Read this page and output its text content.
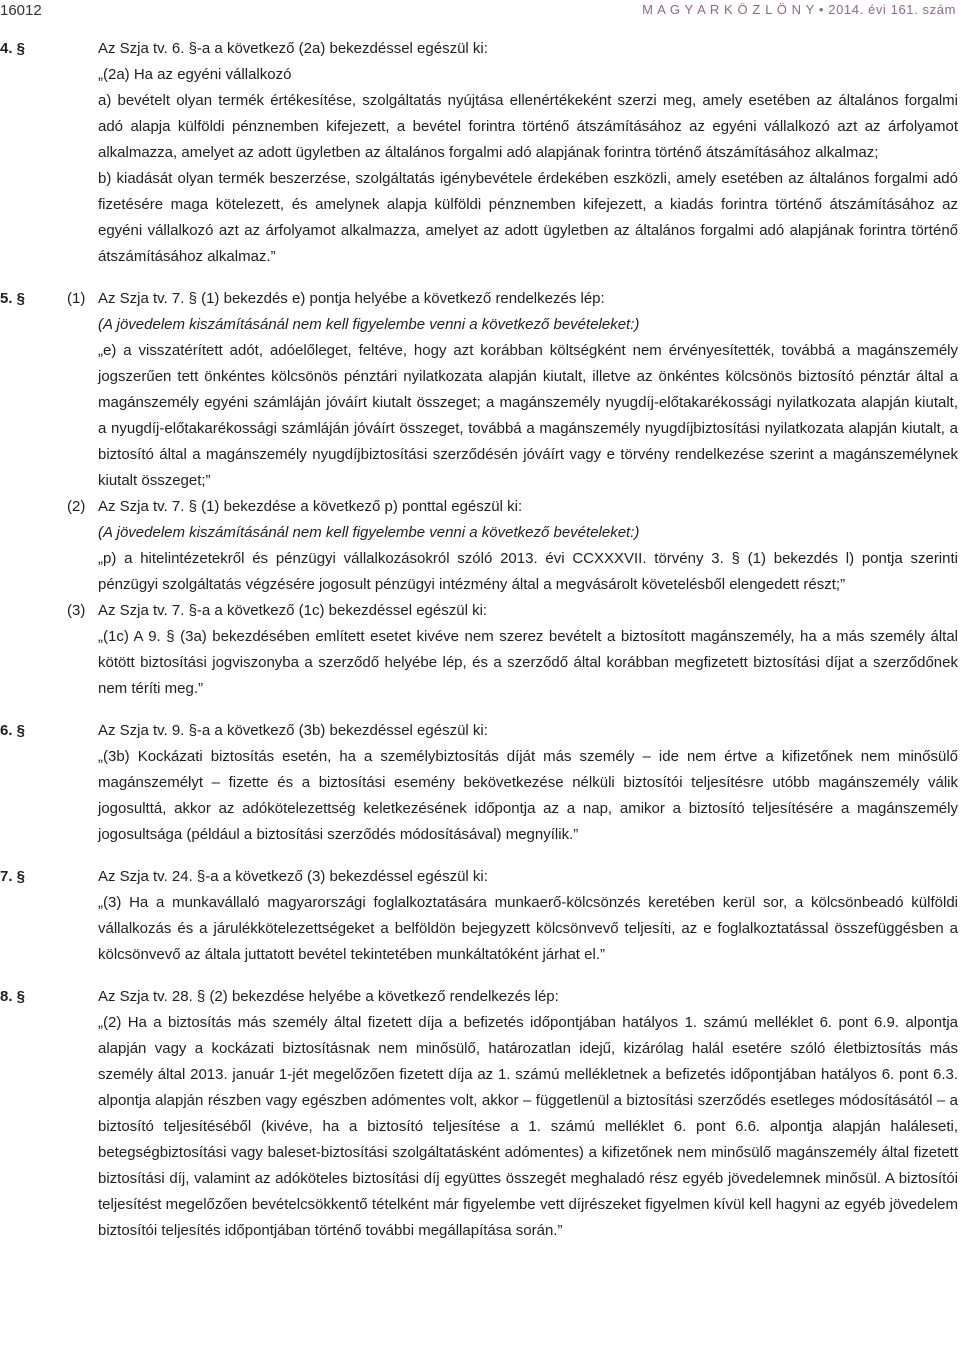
16012	M A G Y A R K Ö Z L Ö N Y • 2014. évi 161. szám
4. §	Az Szja tv. 6. §-a a következő (2a) bekezdéssel egészül ki:
„(2a) Ha az egyéni vállalkozó
a) bevételt olyan termék értékesítése, szolgáltatás nyújtása ellenértékeként szerzi meg, amely esetében az általános forgalmi adó alapja külföldi pénznemben kifejezett, a bevétel forintra történő átszámításához az egyéni vállalkozó azt az árfolyamot alkalmazza, amelyet az adott ügyletben az általános forgalmi adó alapjának forintra történő átszámításához alkalmaz;
b) kiadását olyan termék beszerzése, szolgáltatás igénybevétele érdekében eszközli, amely esetében az általános forgalmi adó fizetésére maga kötelezett, és amelynek alapja külföldi pénznemben kifejezett, a kiadás forintra történő átszámításához az egyéni vállalkozó azt az árfolyamot alkalmazza, amelyet az adott ügyletben az általános forgalmi adó alapjának forintra történő átszámításához alkalmaz.”
5. §	(1) Az Szja tv. 7. § (1) bekezdés e) pontja helyébe a következő rendelkezés lép:
(A jövedelem kiszámításánál nem kell figyelembe venni a következő bevételeket:)
„e) a visszatérített adót, adóelőleget, feltéve, hogy azt korábban költségként nem érvényesítették, továbbá a magánszemély jogszerűen tett önkéntes kölcsönös pénztári nyilatkozata alapján kiutalt, illetve az önkéntes kölcsönös biztosító pénztár által a magánszemély egyéni számláján jóváírt kiutalt összeget; a magánszemély nyugdíj-előtakarékossági nyilatkozata alapján kiutalt, a nyugdíj-előtakarékossági számláján jóváírt összeget, továbbá a magánszemély nyugdíjbiztosítási nyilatkozata alapján kiutalt, a biztosító által a magánszemély nyugdíjbiztosítási szerződésén jóváírt vagy e törvény rendelkezése szerint a magánszemélynek kiutalt összeget;”
(2) Az Szja tv. 7. § (1) bekezdése a következő p) ponttal egészül ki:
(A jövedelem kiszámításánál nem kell figyelembe venni a következő bevételeket:)
„p) a hitelintézetekről és pénzügyi vállalkozásokról szóló 2013. évi CCXXXVII. törvény 3. § (1) bekezdés l) pontja szerinti pénzügyi szolgáltatás végzésére jogosult pénzügyi intézmény által a megvásárolt követelésből elengedett részt;”
(3) Az Szja tv. 7. §-a a következő (1c) bekezdéssel egészül ki:
„(1c) A 9. § (3a) bekezdésében említett esetet kivéve nem szerez bevételt a biztosított magánszemély, ha a más személy által kötött biztosítási jogviszonyba a szerződő helyébe lép, és a szerződő által korábban megfizetett biztosítási díjat a szerződőnek nem téríti meg.”
6. §	Az Szja tv. 9. §-a a következő (3b) bekezdéssel egészül ki:
„(3b) Kockázati biztosítás esetén, ha a személybiztosítás díját más személy – ide nem értve a kifizetőnek nem minősülő magánszemélyt – fizette és a biztosítási esemény bekövetkezése nélküli biztosítói teljesítésre utóbb magánszemély válik jogosulttá, akkor az adókötelezettség keletkezésének időpontja az a nap, amikor a biztosító teljesítésére a magánszemély jogosultsága (például a biztosítási szerződés módosításával) megnyílik.”
7. §	Az Szja tv. 24. §-a a következő (3) bekezdéssel egészül ki:
„(3) Ha a munkavállaló magyarországi foglalkoztatására munkaerő-kölcsönzés keretében kerül sor, a kölcsönbeadó külföldi vállalkozás és a járulékkötelezettségeket a belföldön bejegyzett kölcsönvevő teljesíti, az e foglalkoztatással összefüggésben a kölcsönvevő az általa juttatott bevétel tekintetében munkáltatóként járhat el.”
8. §	Az Szja tv. 28. § (2) bekezdése helyébe a következő rendelkezés lép:
„(2) Ha a biztosítás más személy által fizetett díja a befizetés időpontjában hatályos 1. számú melléklet 6. pont 6.9. alpontja alapján vagy a kockázati biztosításnak nem minősülő, határozatlan idejű, kizárólag halál esetére szóló életbiztosítás más személy által 2013. január 1-jét megelőzően fizetett díja az 1. számú mellékletnek a befizetés időpontjában hatályos 6. pont 6.3. alpontja alapján részben vagy egészben adómentes volt, akkor – függetlenül a biztosítási szerződés esetleges módosításától – a biztosító teljesítéséből (kivéve, ha a biztosító teljesítése a 1. számú melléklet 6. pont 6.6. alpontja alapján haláleseti, betegségbiztosítási vagy baleset-biztosítási szolgáltatásként adómentes) a kifizetőnek nem minősülő magánszemély által fizetett biztosítási díj, valamint az adóköteles biztosítási díj együttes összegét meghaladó rész egyéb jövedelemnek minősül. A biztosítói teljesítést megelőzően bevételcsökkentő tételként már figyelembe vett díjrészeket figyelmen kívül kell hagyni az egyéb jövedelem biztosítói teljesítés időpontjában történő további megállapítása során.”
